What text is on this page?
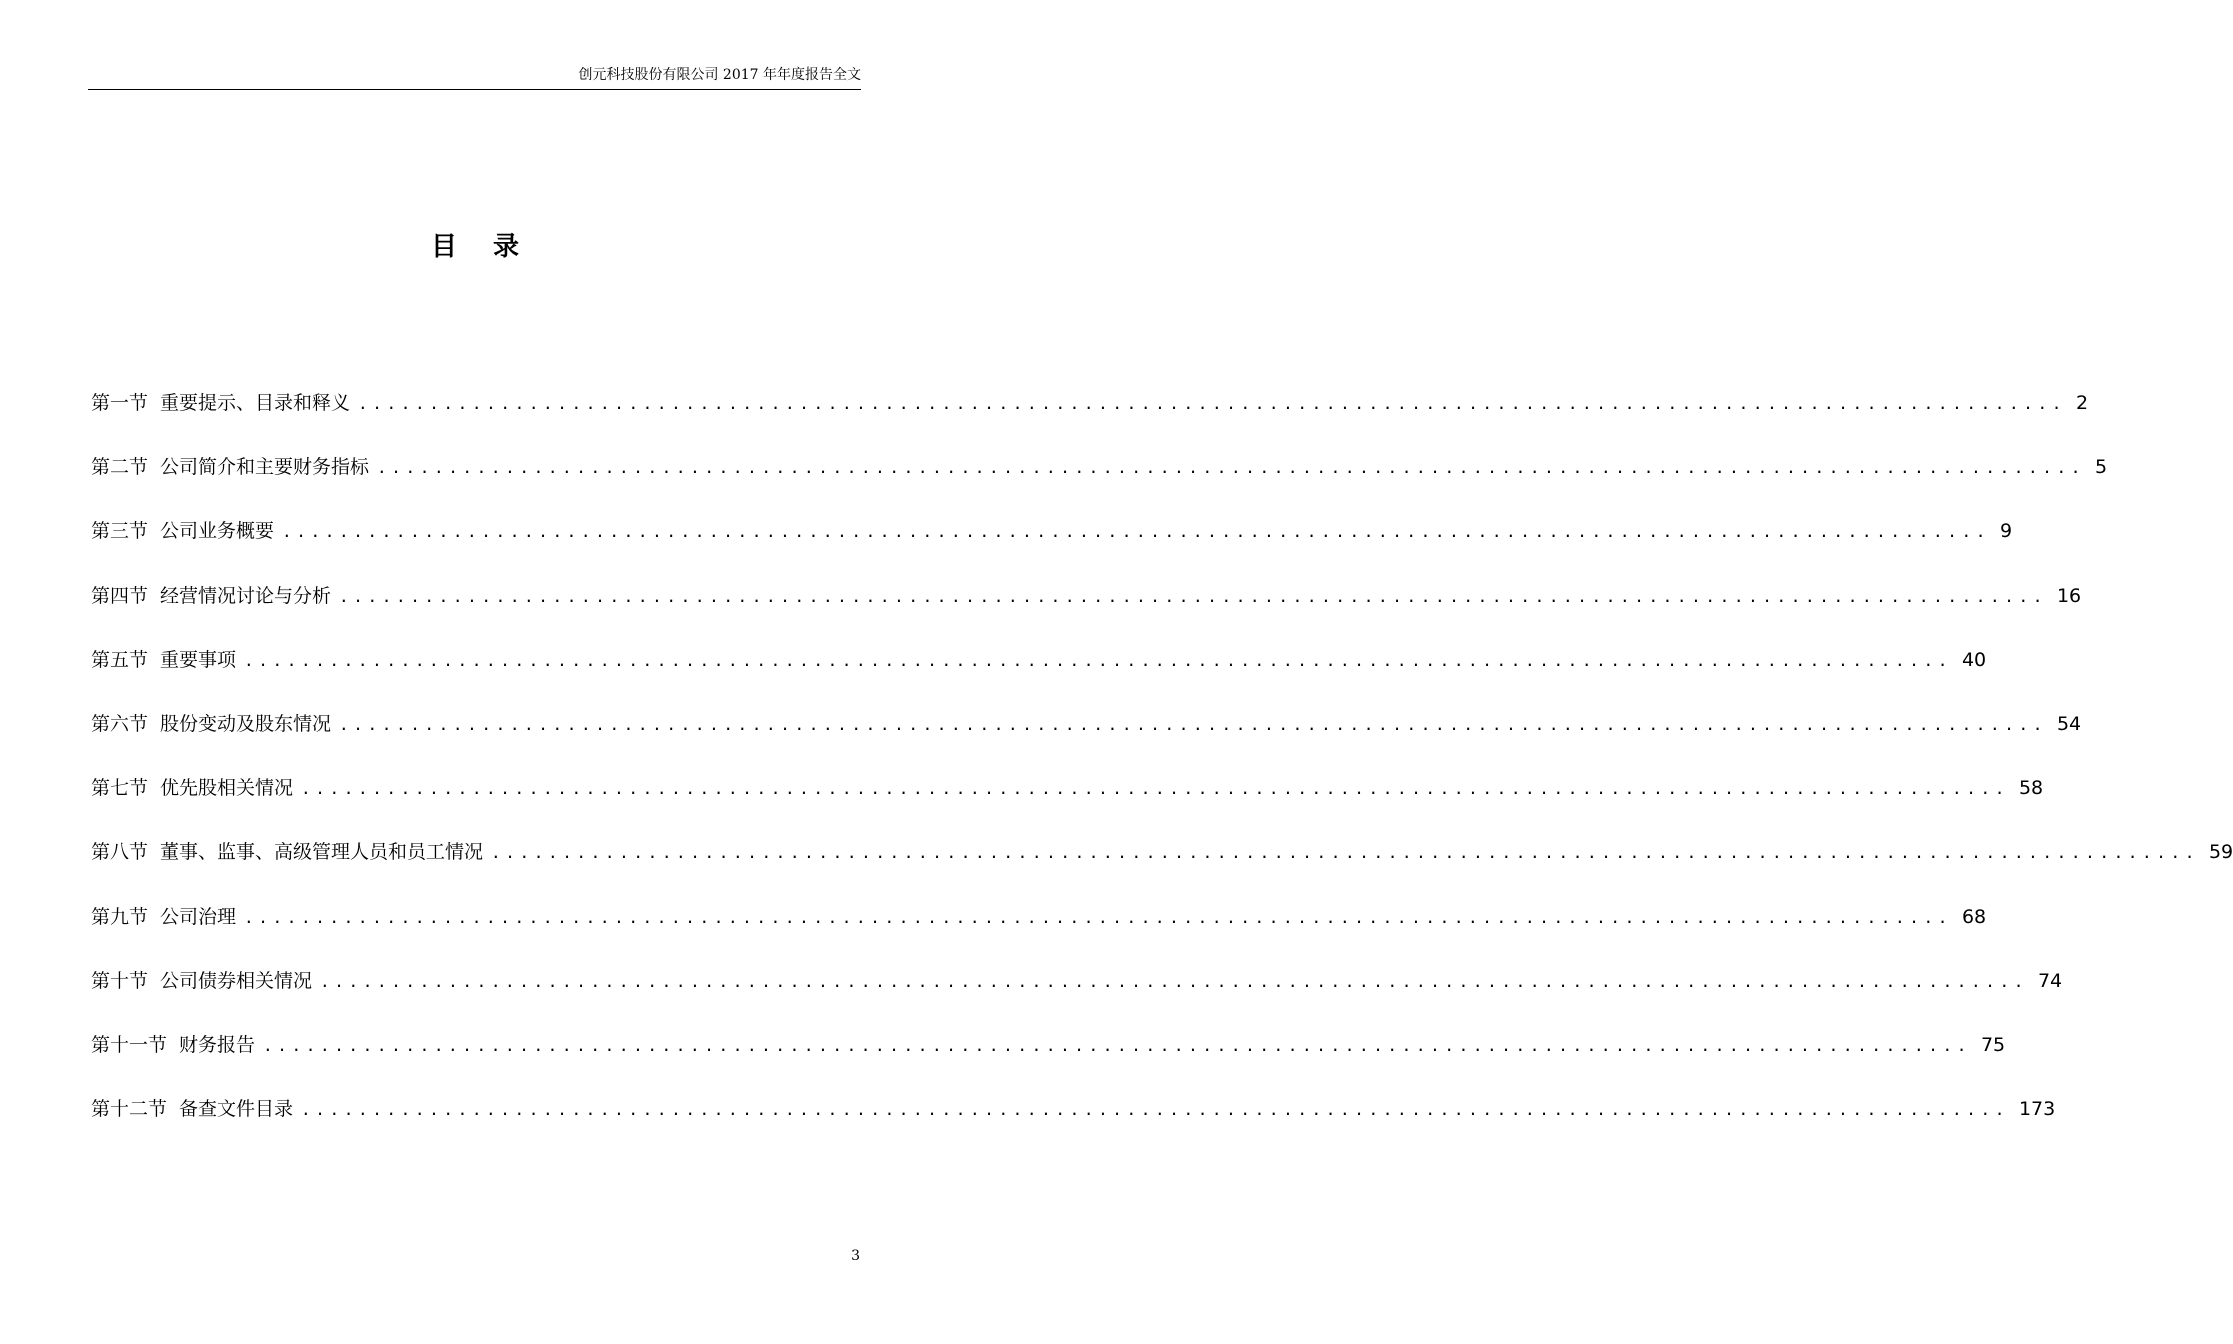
创元科技股份有限公司 2017 年年度报告全文
目录
第一节 重要提示、目录和释义 ........................................................................................................................ 2
第二节 公司简介和主要财务指标 ........................................................................................................................ 5
第三节 公司业务概要 ........................................................................................................................ 9
第四节 经营情况讨论与分析 ........................................................................................................................ 16
第五节 重要事项 ........................................................................................................................ 40
第六节 股份变动及股东情况 ........................................................................................................................ 54
第七节 优先股相关情况 ........................................................................................................................ 58
第八节 董事、监事、高级管理人员和员工情况 ........................................................................................................................ 59
第九节 公司治理 ........................................................................................................................ 68
第十节 公司债券相关情况 ........................................................................................................................ 74
第十一节 财务报告 ........................................................................................................................ 75
第十二节 备查文件目录 ........................................................................................................................ 173
3
